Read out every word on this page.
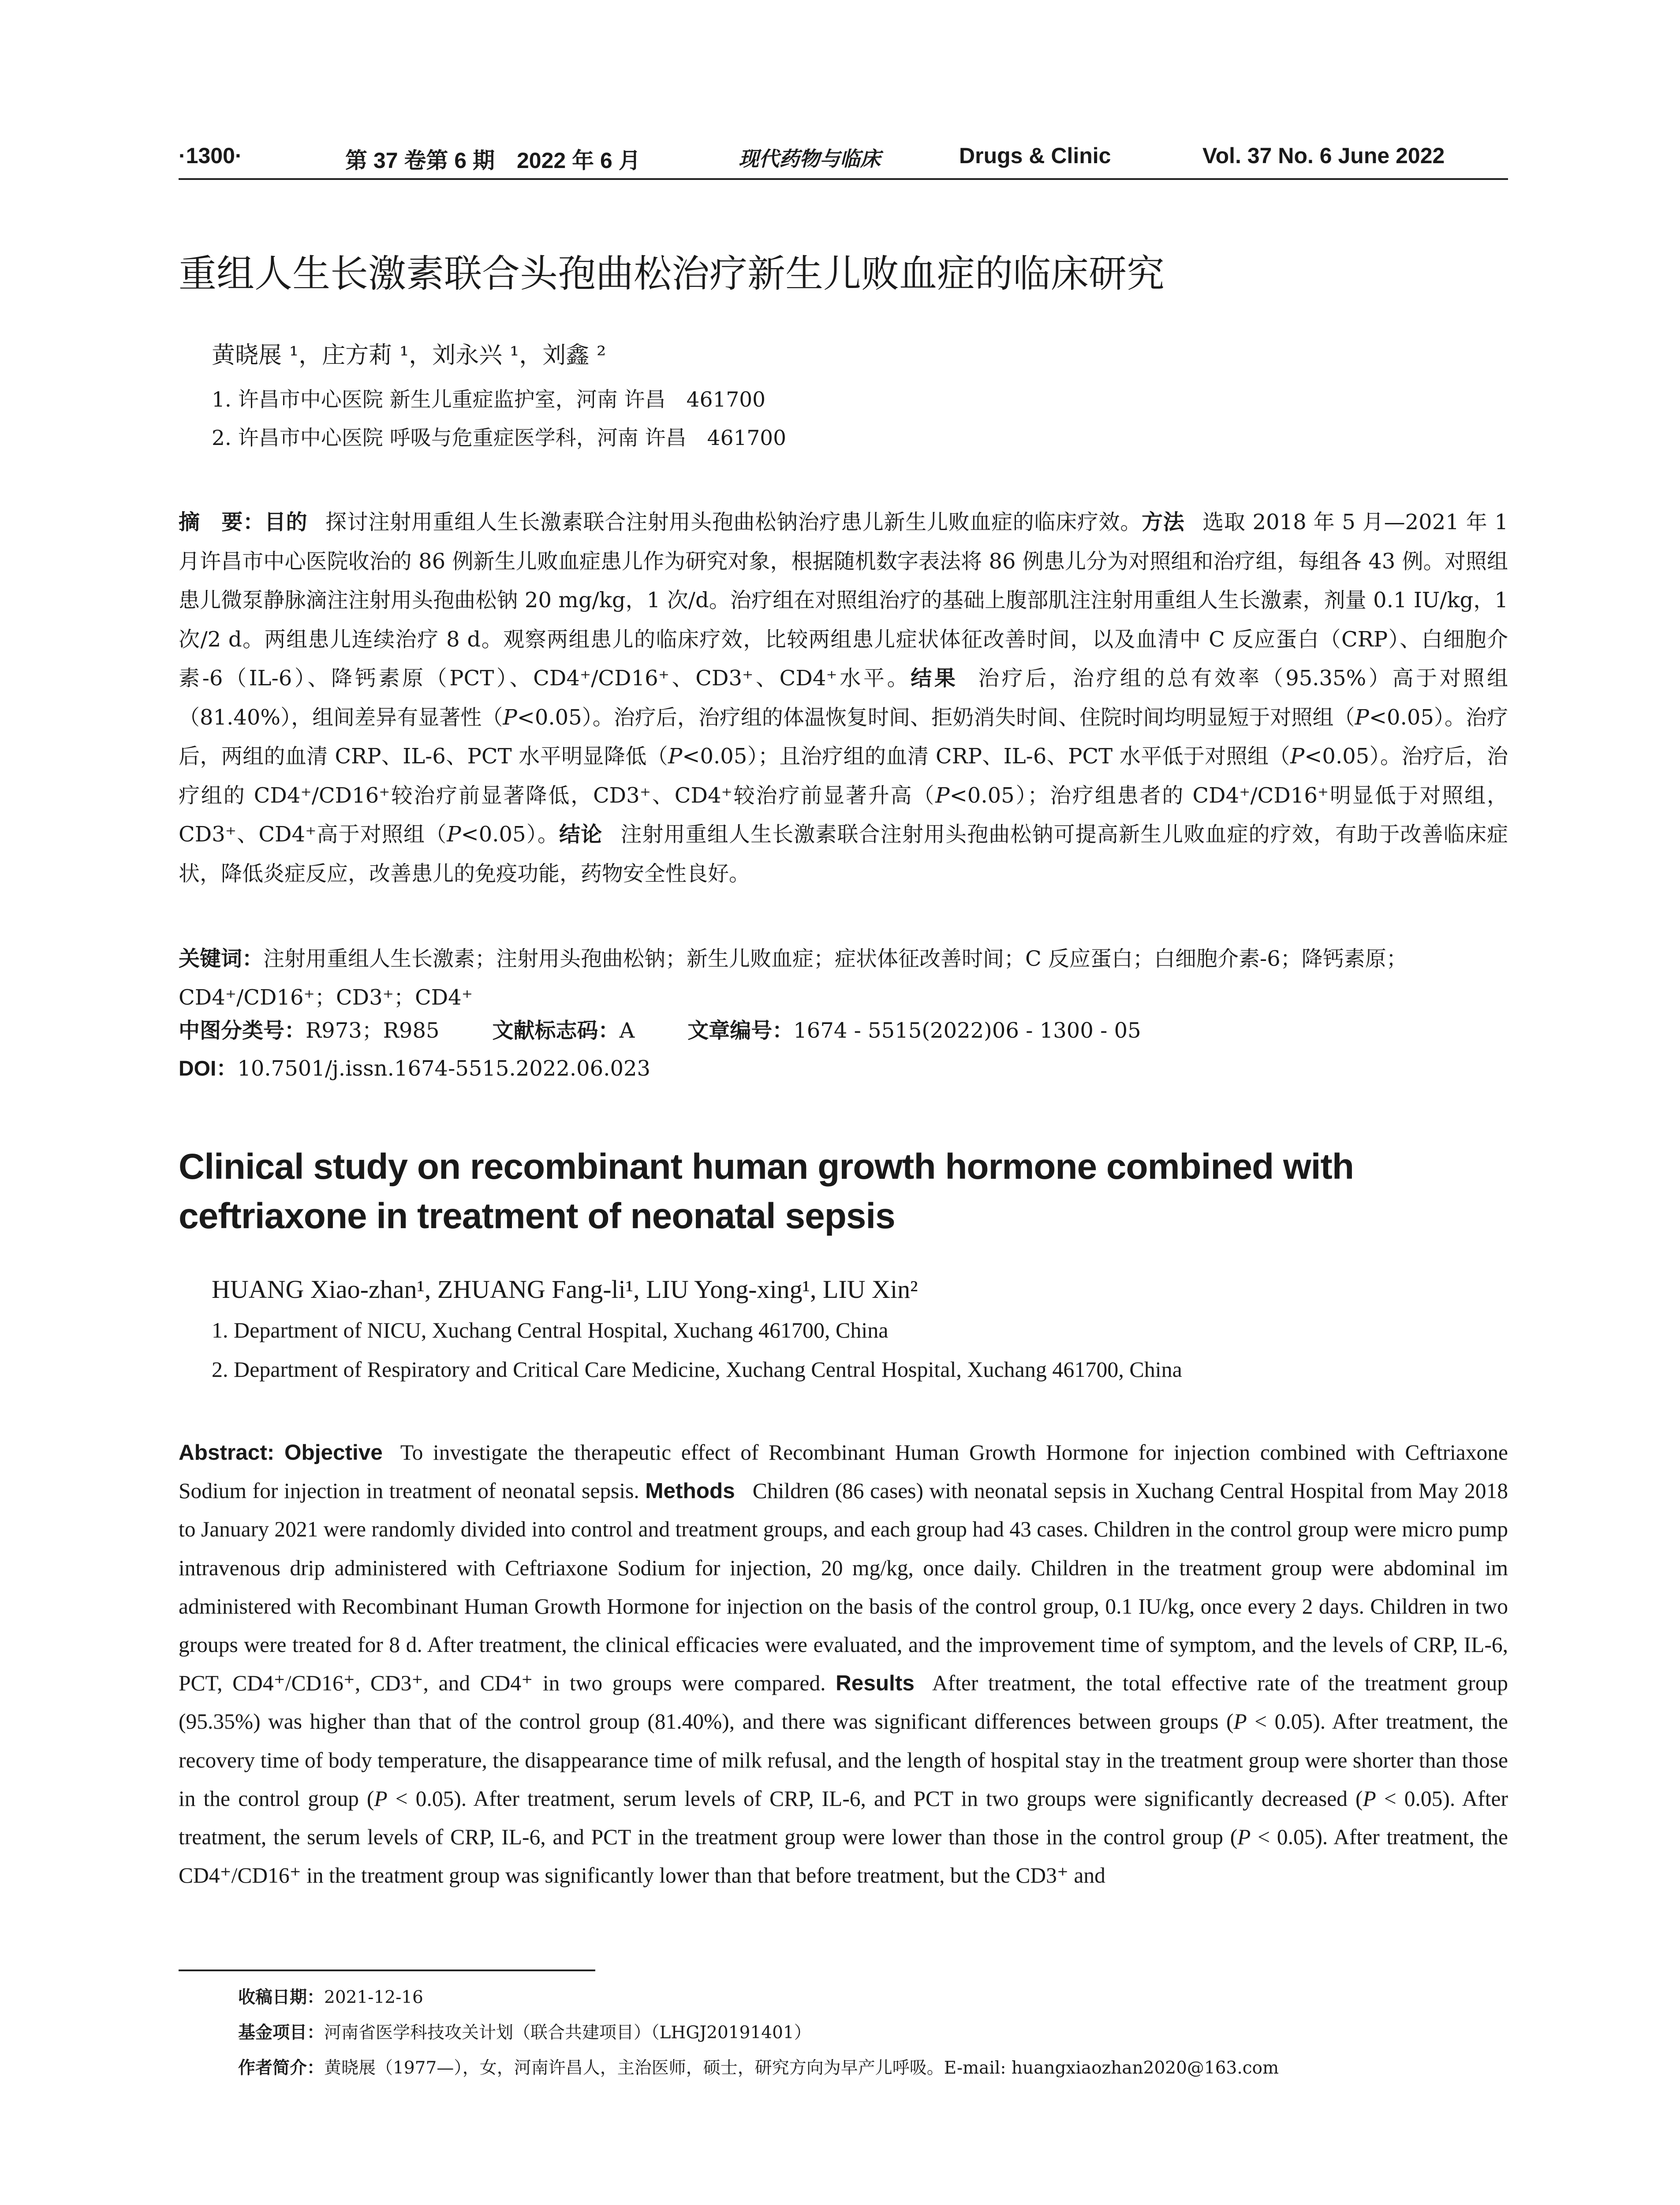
·1300·	第 37 卷第 6 期　2022 年 6 月	现代药物与临床	Drugs & Clinic	Vol. 37 No. 6 June 2022
重组人生长激素联合头孢曲松治疗新生儿败血症的临床研究
黄晓展 ¹，庄方莉 ¹，刘永兴 ¹，刘鑫 ²
1. 许昌市中心医院 新生儿重症监护室，河南 许昌　461700
2. 许昌市中心医院 呼吸与危重症医学科，河南 许昌　461700
摘　要：目的 探讨注射用重组人生长激素联合注射用头孢曲松钠治疗患儿新生儿败血症的临床疗效。方法 选取 2018 年 5 月—2021 年 1 月许昌市中心医院收治的 86 例新生儿败血症患儿作为研究对象，根据随机数字表法将 86 例患儿分为对照组和治疗组，每组各 43 例。对照组患儿微泵静脉滴注注射用头孢曲松钠 20 mg/kg，1 次/d。治疗组在对照组治疗的基础上腹部肌注注射用重组人生长激素，剂量 0.1 IU/kg，1 次/2 d。两组患儿连续治疗 8 d。观察两组患儿的临床疗效，比较两组患儿症状体征改善时间，以及血清中 C 反应蛋白（CRP）、白细胞介素-6（IL-6）、降钙素原（PCT）、CD4⁺/CD16⁺、CD3⁺、CD4⁺水平。结果 治疗后，治疗组的总有效率（95.35%）高于对照组（81.40%），组间差异有显著性（P<0.05）。治疗后，治疗组的体温恢复时间、拒奶消失时间、住院时间均明显短于对照组（P<0.05）。治疗后，两组的血清 CRP、IL-6、PCT 水平明显降低（P<0.05）；且治疗组的血清 CRP、IL-6、PCT 水平低于对照组（P<0.05）。治疗后，治疗组的 CD4⁺/CD16⁺较治疗前显著降低，CD3⁺、CD4⁺较治疗前显著升高（P<0.05）；治疗组患者的 CD4⁺/CD16⁺明显低于对照组，CD3⁺、CD4⁺高于对照组（P<0.05）。结论 注射用重组人生长激素联合注射用头孢曲松钠可提高新生儿败血症的疗效，有助于改善临床症状，降低炎症反应，改善患儿的免疫功能，药物安全性良好。
关键词：注射用重组人生长激素；注射用头孢曲松钠；新生儿败血症；症状体征改善时间；C 反应蛋白；白细胞介素-6；降钙素原；CD4⁺/CD16⁺；CD3⁺；CD4⁺
中图分类号：R973；R985	文献标志码：A	文章编号：1674 - 5515(2022)06 - 1300 - 05
DOI：10.7501/j.issn.1674-5515.2022.06.023
Clinical study on recombinant human growth hormone combined with ceftriaxone in treatment of neonatal sepsis
HUANG Xiao-zhan¹, ZHUANG Fang-li¹, LIU Yong-xing¹, LIU Xin²
1. Department of NICU, Xuchang Central Hospital, Xuchang 461700, China
2. Department of Respiratory and Critical Care Medicine, Xuchang Central Hospital, Xuchang 461700, China
Abstract: Objective To investigate the therapeutic effect of Recombinant Human Growth Hormone for injection combined with Ceftriaxone Sodium for injection in treatment of neonatal sepsis. Methods Children (86 cases) with neonatal sepsis in Xuchang Central Hospital from May 2018 to January 2021 were randomly divided into control and treatment groups, and each group had 43 cases. Children in the control group were micro pump intravenous drip administered with Ceftriaxone Sodium for injection, 20 mg/kg, once daily. Children in the treatment group were abdominal im administered with Recombinant Human Growth Hormone for injection on the basis of the control group, 0.1 IU/kg, once every 2 days. Children in two groups were treated for 8 d. After treatment, the clinical efficacies were evaluated, and the improvement time of symptom, and the levels of CRP, IL-6, PCT, CD4⁺/CD16⁺, CD3⁺, and CD4⁺ in two groups were compared. Results After treatment, the total effective rate of the treatment group (95.35%) was higher than that of the control group (81.40%), and there was significant differences between groups (P < 0.05). After treatment, the recovery time of body temperature, the disappearance time of milk refusal, and the length of hospital stay in the treatment group were shorter than those in the control group (P < 0.05). After treatment, serum levels of CRP, IL-6, and PCT in two groups were significantly decreased (P < 0.05). After treatment, the serum levels of CRP, IL-6, and PCT in the treatment group were lower than those in the control group (P < 0.05). After treatment, the CD4⁺/CD16⁺ in the treatment group was significantly lower than that before treatment, but the CD3⁺ and
收稿日期：2021-12-16
基金项目：河南省医学科技攻关计划（联合共建项目）（LHGJ20191401）
作者简介：黄晓展（1977—），女，河南许昌人，主治医师，硕士，研究方向为早产儿呼吸。E-mail: huangxiaozhan2020@163.com
